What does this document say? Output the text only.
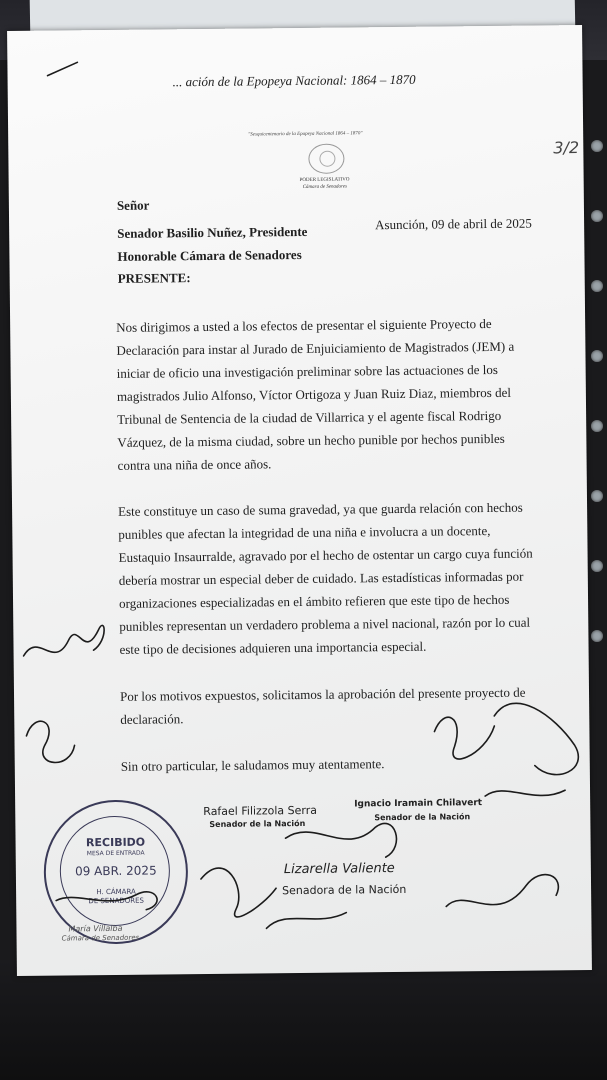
... ación de la Epopeya Nacional: 1864 – 1870
"Sesquicentenario de la Epopeya Nacional 1864 – 1870"
PODER LEGISLATIVO
Cámara de Senadores
3/2
Asunción, 09 de abril de 2025
Señor
Senador Basilio Nuñez, Presidente
Honorable Cámara de Senadores
PRESENTE:
Nos dirigimos a usted a los efectos de presentar el siguiente Proyecto de
Declaración para instar al Jurado de Enjuiciamiento de Magistrados (JEM) a
iniciar de oficio una investigación preliminar sobre las actuaciones de los
magistrados Julio Alfonso, Víctor Ortigoza y Juan Ruiz Diaz, miembros del
Tribunal de Sentencia de la ciudad de Villarrica y el agente fiscal Rodrigo
Vázquez, de la misma ciudad, sobre un hecho punible por hechos punibles
contra una niña de once años.
Este constituye un caso de suma gravedad, ya que guarda relación con hechos
punibles que afectan la integridad de una niña e involucra a un docente,
Eustaquio Insaurralde, agravado por el hecho de ostentar un cargo cuya función
debería mostrar un especial deber de cuidado. Las estadísticas informadas por
organizaciones especializadas en el ámbito refieren que este tipo de hechos
punibles representan un verdadero problema a nivel nacional, razón por lo cual
este tipo de decisiones adquieren una importancia especial.
Por los motivos expuestos, solicitamos la aprobación del presente proyecto de
declaración.
Sin otro particular, le saludamos muy atentamente.
RECIBIDO
MESA DE ENTRADA
09 ABR. 2025
H. CÁMARA
DE SENADORES
Rafael Filizzola Serra
Senador de la Nación
Ignacio Iramain Chilavert
Senador de la Nación
Lizarella Valiente
Senadora de la Nación
María Villalba
Cámara de Senadores
